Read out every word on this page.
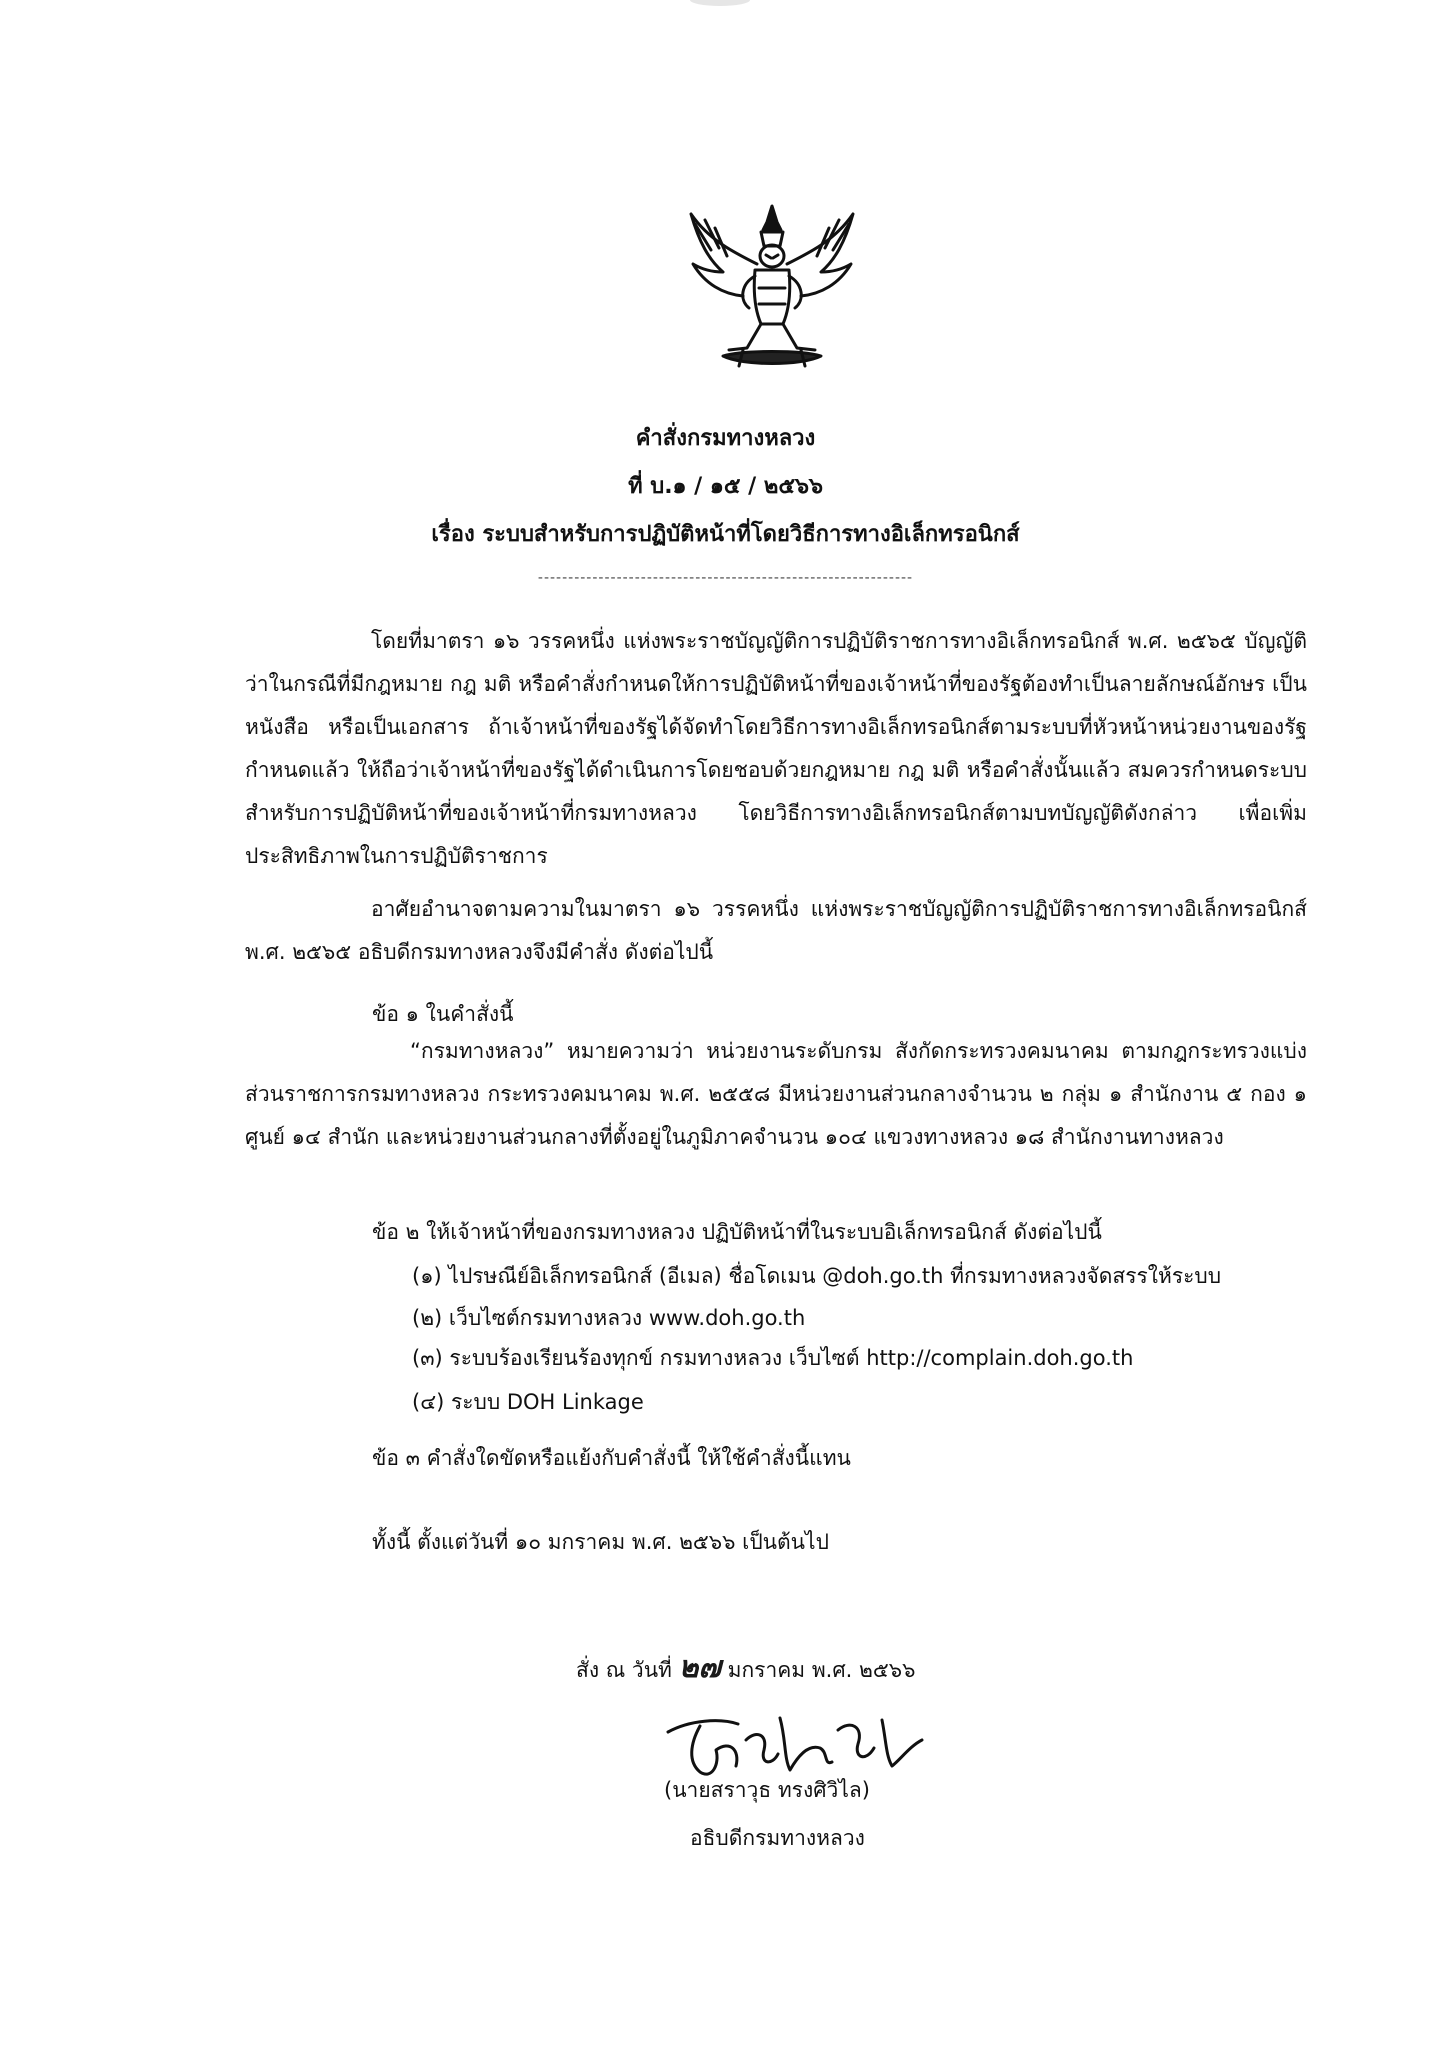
คำสั่งกรมทางหลวง
ที่ บ.๑ / ๑๕ / ๒๕๖๖
เรื่อง ระบบสำหรับการปฏิบัติหน้าที่โดยวิธีการทางอิเล็กทรอนิกส์
--------------------------------------------------------------
โดยที่มาตรา ๑๖ วรรคหนึ่ง แห่งพระราชบัญญัติการปฏิบัติราชการทางอิเล็กทรอนิกส์ พ.ศ. ๒๕๖๕ บัญญัติว่าในกรณีที่มีกฎหมาย กฎ มติ หรือคำสั่งกำหนดให้การปฏิบัติหน้าที่ของเจ้าหน้าที่ของรัฐต้องทำเป็นลายลักษณ์อักษร เป็นหนังสือ หรือเป็นเอกสาร ถ้าเจ้าหน้าที่ของรัฐได้จัดทำโดยวิธีการทางอิเล็กทรอนิกส์ตามระบบที่หัวหน้าหน่วยงานของรัฐกำหนดแล้ว ให้ถือว่าเจ้าหน้าที่ของรัฐได้ดำเนินการโดยชอบด้วยกฎหมาย กฎ มติ หรือคำสั่งนั้นแล้ว สมควรกำหนดระบบสำหรับการปฏิบัติหน้าที่ของเจ้าหน้าที่กรมทางหลวง โดยวิธีการทางอิเล็กทรอนิกส์ตามบทบัญญัติดังกล่าว เพื่อเพิ่มประสิทธิภาพในการปฏิบัติราชการ
อาศัยอำนาจตามความในมาตรา ๑๖ วรรคหนึ่ง แห่งพระราชบัญญัติการปฏิบัติราชการทางอิเล็กทรอนิกส์ พ.ศ. ๒๕๖๕ อธิบดีกรมทางหลวงจึงมีคำสั่ง ดังต่อไปนี้
ข้อ ๑ ในคำสั่งนี้
“กรมทางหลวง” หมายความว่า หน่วยงานระดับกรม สังกัดกระทรวงคมนาคม ตามกฎกระทรวงแบ่งส่วนราชการกรมทางหลวง กระทรวงคมนาคม พ.ศ. ๒๕๕๘ มีหน่วยงานส่วนกลางจำนวน ๒ กลุ่ม ๑ สำนักงาน ๕ กอง ๑ ศูนย์ ๑๔ สำนัก และหน่วยงานส่วนกลางที่ตั้งอยู่ในภูมิภาคจำนวน ๑๐๔ แขวงทางหลวง ๑๘ สำนักงานทางหลวง
ข้อ ๒ ให้เจ้าหน้าที่ของกรมทางหลวง ปฏิบัติหน้าที่ในระบบอิเล็กทรอนิกส์ ดังต่อไปนี้
(๑) ไปรษณีย์อิเล็กทรอนิกส์ (อีเมล) ชื่อโดเมน @doh.go.th ที่กรมทางหลวงจัดสรรให้ระบบ
(๒) เว็บไซต์กรมทางหลวง www.doh.go.th
(๓) ระบบร้องเรียนร้องทุกข์ กรมทางหลวง เว็บไซต์ http://complain.doh.go.th
(๔) ระบบ DOH Linkage
ข้อ ๓ คำสั่งใดขัดหรือแย้งกับคำสั่งนี้ ให้ใช้คำสั่งนี้แทน
ทั้งนี้ ตั้งแต่วันที่ ๑๐ มกราคม พ.ศ. ๒๕๖๖ เป็นต้นไป
สั่ง ณ วันที่ ๒๗ มกราคม พ.ศ. ๒๕๖๖
(นายสราวุธ ทรงศิวิไล)
อธิบดีกรมทางหลวง
